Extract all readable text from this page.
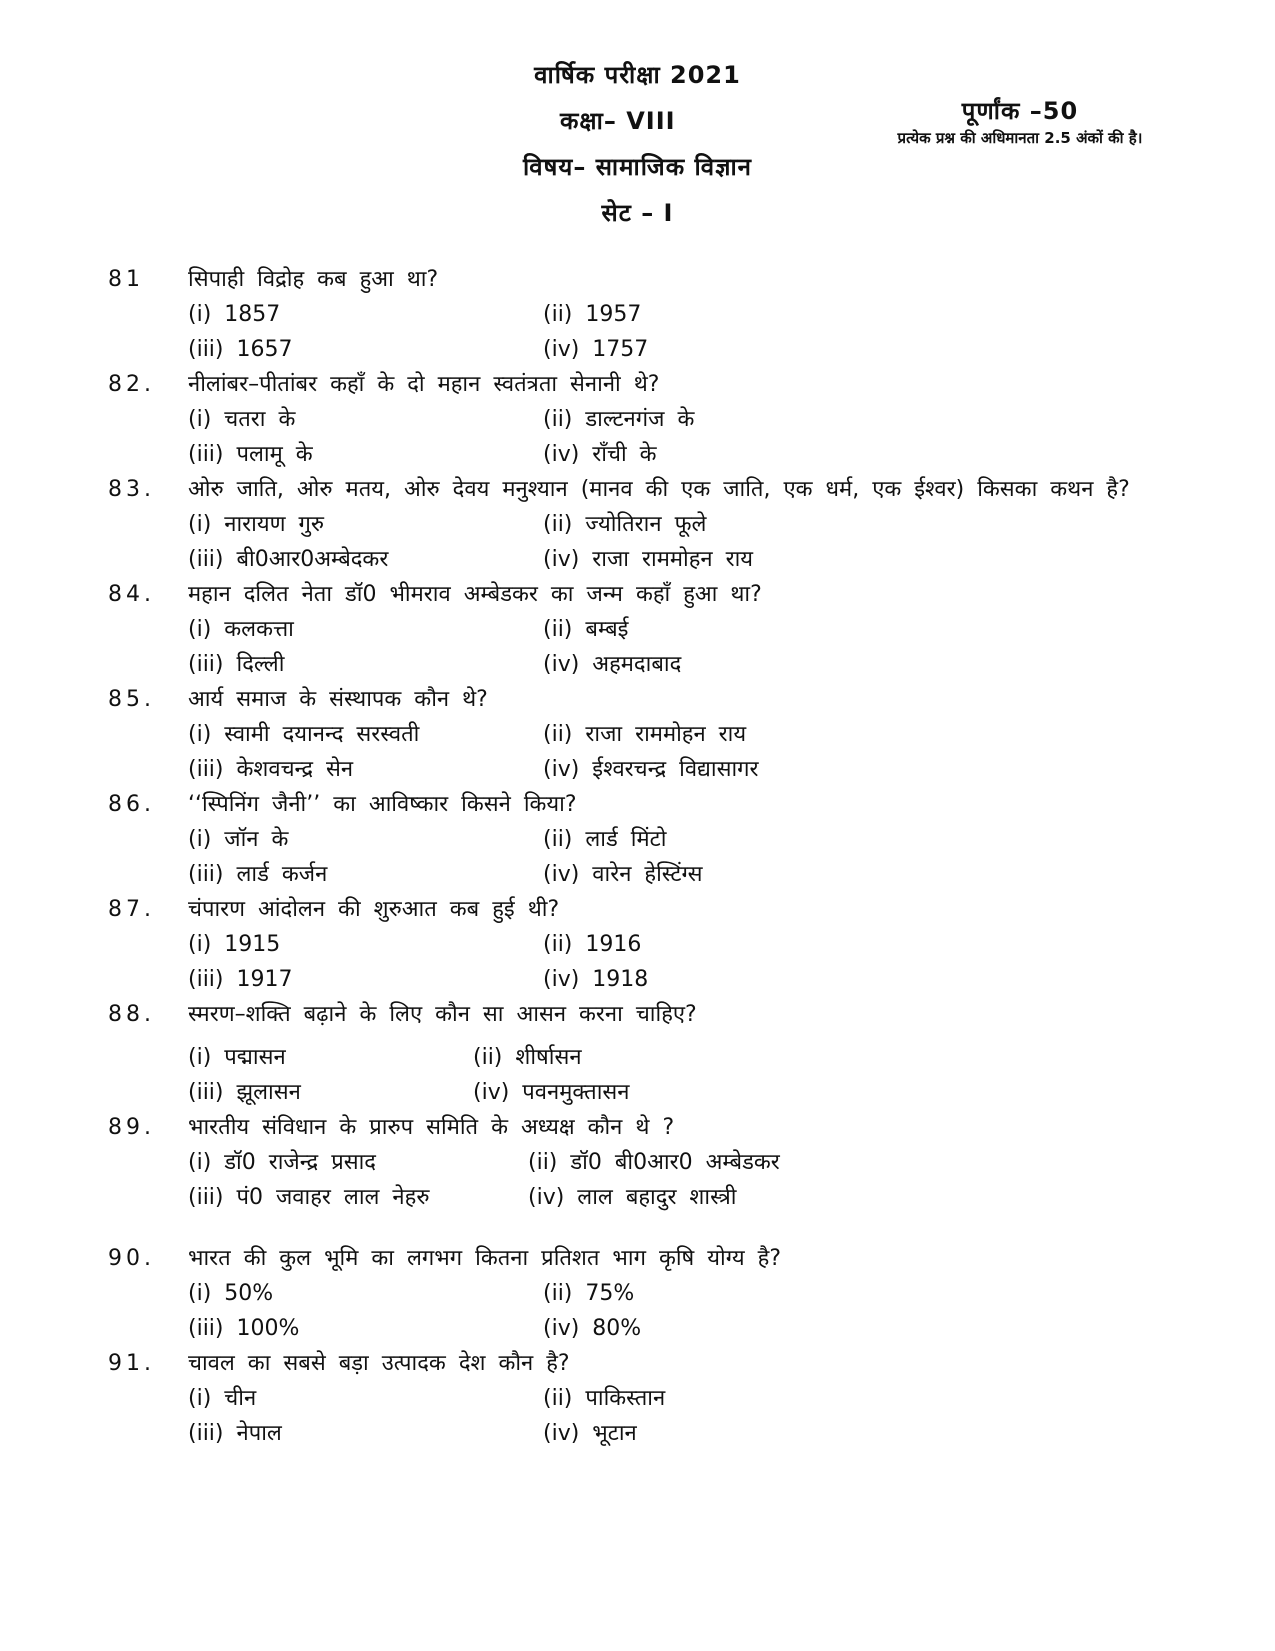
वार्षिक परीक्षा 2021
कक्षा– VIII
विषय– सामाजिक विज्ञान
सेट – I
पूर्णांक –50
प्रत्येक प्रश्न की अधिमानता 2.5 अंकों की है।
81	सिपाही विद्रोह कब हुआ था?
(i) 1857	(ii) 1957
(iii) 1657	(iv) 1757
82.	नीलांबर–पीतांबर कहाँ के दो महान स्वतंत्रता सेनानी थे?
(i) चतरा के	(ii) डाल्टनगंज के
(iii) पलामू के	(iv) राँची के
83.	ओरु जाति, ओरु मतय, ओरु देवय मनुश्यान (मानव की एक जाति, एक धर्म, एक ईश्वर) किसका कथन है?
(i) नारायण गुरु	(ii) ज्योतिरान फूले
(iii) बी0आर0अम्बेदकर	(iv) राजा राममोहन राय
84.	महान दलित नेता डॉ0 भीमराव अम्बेडकर का जन्म कहाँ हुआ था?
(i) कलकत्ता	(ii) बम्बई
(iii) दिल्ली	(iv) अहमदाबाद
85.	आर्य समाज के संस्थापक कौन थे?
(i) स्वामी दयानन्द सरस्वती	(ii) राजा राममोहन राय
(iii) केशवचन्द्र सेन	(iv) ईश्वरचन्द्र विद्यासागर
86.	‘‘स्पिनिंग जैनी’’ का आविष्कार किसने किया?
(i) जॉन के	(ii) लार्ड मिंटो
(iii) लार्ड कर्जन	(iv) वारेन हेस्टिंग्स
87.	चंपारण आंदोलन की शुरुआत कब हुई थी?
(i) 1915	(ii) 1916
(iii) 1917	(iv) 1918
88.	स्मरण–शक्ति बढ़ाने के लिए कौन सा आसन करना चाहिए?
(i) पद्मासन	(ii) शीर्षासन
(iii) झूलासन	(iv) पवनमुक्तासन
89.	भारतीय संविधान के प्रारुप समिति के अध्यक्ष कौन थे ?
(i) डॉ0 राजेन्द्र प्रसाद	(ii) डॉ0 बी0आर0 अम्बेडकर
(iii) पं0 जवाहर लाल नेहरु	(iv) लाल बहादुर शास्त्री
90.	भारत की कुल भूमि का लगभग कितना प्रतिशत भाग कृषि योग्य है?
(i) 50%	(ii) 75%
(iii) 100%	(iv) 80%
91.	चावल का सबसे बड़ा उत्पादक देश कौन है?
(i) चीन	(ii) पाकिस्तान
(iii) नेपाल	(iv) भूटान
